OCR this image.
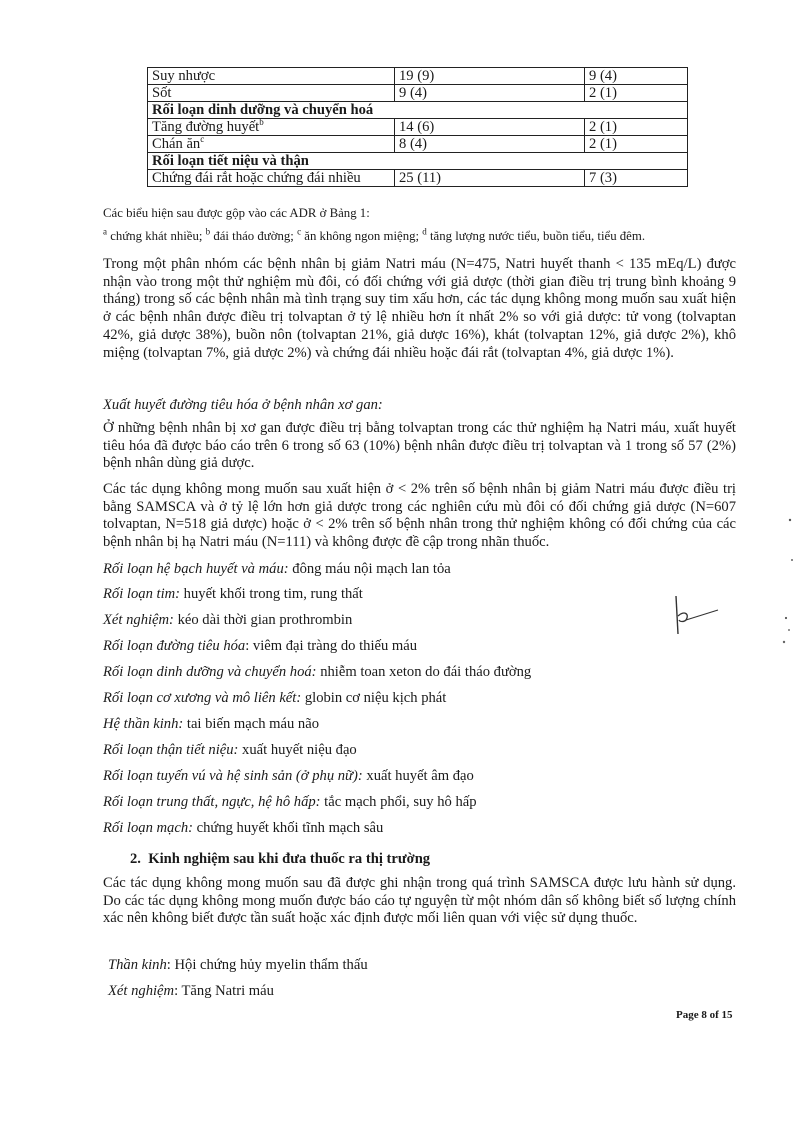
Suy nhược	19 (9)	9 (4)
Sốt	9 (4)	2 (1)
Rối loạn dinh dưỡng và chuyển hoá		
Tăng đường huyết$^b$	14 (6)	2 (1)
Chán $ăn^c$	8 (4)	2 (1)
Rối loạn tiết niệu và thận		
Chứng đái rắt hoặc chứng đái nhiều	25 (11)	7 (3)
Các biểu hiện sau được gộp vào các ADR ở Bảng 1:
$^a$ chứng khát nhiều; $^b$ đái tháo đường; $^c$ ăn không ngon miệng; $^d$ tăng lượng nước tiểu, buồn tiểu, tiểu đêm.
Trong một phân nhóm các bệnh nhân bị giảm Natri máu (N=475, Natri huyết thanh < 135 mEq/L) được nhận vào trong một thử nghiệm mù đôi, có đối chứng với giả dược (thời gian điều trị trung bình khoảng 9 tháng) trong số các bệnh nhân mà tình trạng suy tim xấu hơn, các tác dụng không mong muốn sau xuất hiện ở các bệnh nhân được điều trị tolvaptan ở tỷ lệ nhiều hơn ít nhất 2% so với giả dược: tử vong (tolvaptan 42%, giả dược 38%), buồn nôn (tolvaptan 21%, giả dược 16%), khát (tolvaptan 12%, giả dược 2%), khô miệng (tolvaptan 7%, giả dược 2%) và chứng đái nhiều hoặc đái rắt (tolvaptan 4%, giả dược 1%).
Xuất huyết đường tiêu hóa ở bệnh nhân xơ gan:
Ở những bệnh nhân bị xơ gan được điều trị bằng tolvaptan trong các thử nghiệm hạ Natri máu, xuất huyết tiêu hóa đã được báo cáo trên 6 trong số 63 (10%) bệnh nhân được điều trị tolvaptan và 1 trong số 57 (2%) bệnh nhân dùng giả dược.
Các tác dụng không mong muốn sau xuất hiện ở < 2% trên số bệnh nhân bị giảm Natri máu được điều trị bằng SAMSCA và ở tỷ lệ lớn hơn giả dược trong các nghiên cứu mù đôi có đối chứng giả dược (N=607 tolvaptan, N=518 giả dược) hoặc ở < 2% trên số bệnh nhân trong thử nghiệm không có đối chứng của các bệnh nhân bị hạ Natri máu (N=111) và không được đề cập trong nhãn thuốc.
Rối loạn hệ bạch huyết và máu: đông máu nội mạch lan tỏa
Rối loạn tim: huyết khối trong tim, rung thất
Xét nghiệm: kéo dài thời gian prothrombin
Rối loạn đường tiêu hóa: viêm đại tràng do thiếu máu
Rối loạn dinh dưỡng và chuyển hoá: nhiễm toan xeton do đái tháo đường
Rối loạn cơ xương và mô liên kết: globin cơ niệu kịch phát
Hệ thần kinh: tai biến mạch máu não
Rối loạn thận tiết niệu: xuất huyết niệu đạo
Rối loạn tuyến vú và hệ sinh sản (ở phụ nữ): xuất huyết âm đạo
Rối loạn trung thất, ngực, hệ hô hấp: tắc mạch phổi, suy hô hấp
Rối loạn mạch: chứng huyết khối tĩnh mạch sâu
2. Kinh nghiệm sau khi đưa thuốc ra thị trường
Các tác dụng không mong muốn sau đã được ghi nhận trong quá trình SAMSCA được lưu hành sử dụng. Do các tác dụng không mong muốn được báo cáo tự nguyện từ một nhóm dân số không biết số lượng chính xác nên không biết được tần suất hoặc xác định được mối liên quan với việc sử dụng thuốc.
Thần kinh: Hội chứng hủy myelin thẩm thấu
Xét nghiệm: Tăng Natri máu
Page 8 of 15
